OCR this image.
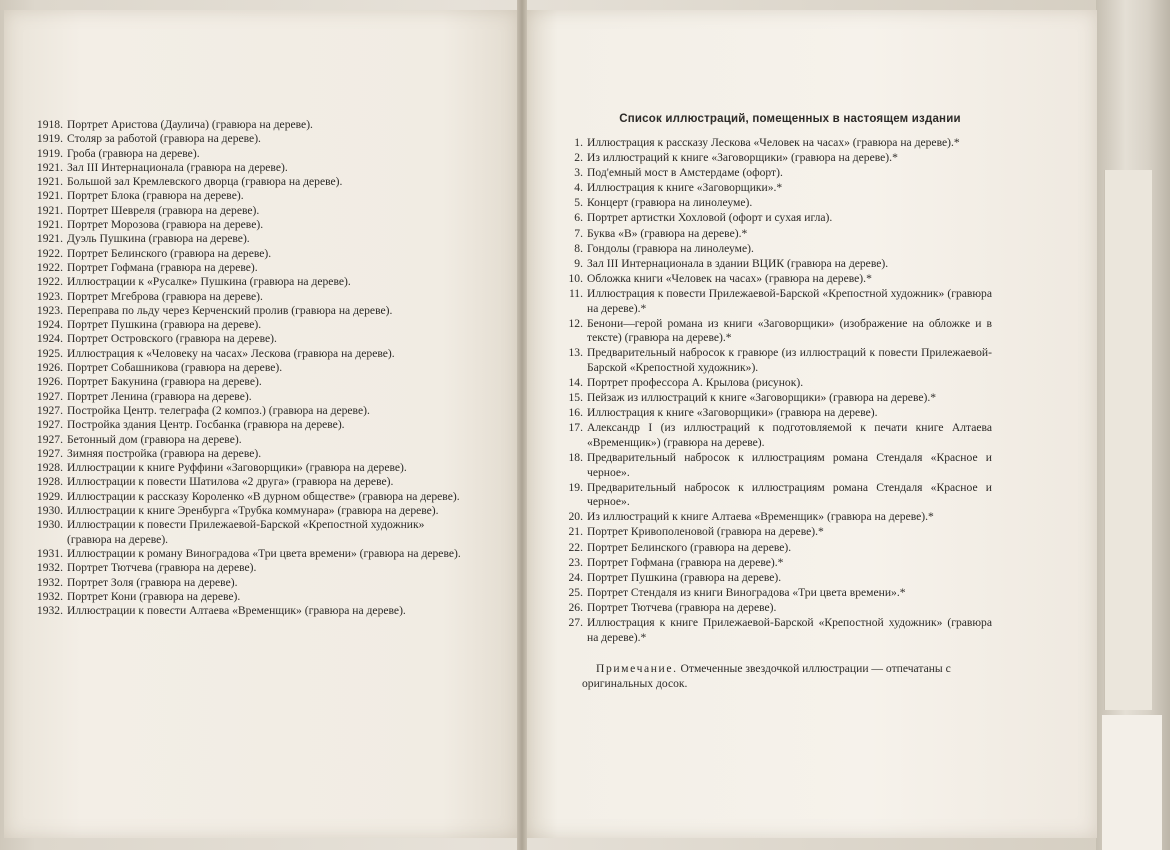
1918. Портрет Аристова (Даулича) (гравюра на дереве).
1919. Столяр за работой (гравюра на дереве).
1919. Гроба (гравюра на дереве).
1921. Зал III Интернационала (гравюра на дереве).
1921. Большой зал Кремлевского дворца (гравюра на дереве).
1921. Портрет Блока (гравюра на дереве).
1921. Портрет Шевреля (гравюра на дереве).
1921. Портрет Морозова (гравюра на дереве).
1921. Дуэль Пушкина (гравюра на дереве).
1922. Портрет Белинского (гравюра на дереве).
1922. Портрет Гофмана (гравюра на дереве).
1922. Иллюстрации к «Русалке» Пушкина (гравюра на дереве).
1923. Портрет Мгеброва (гравюра на дереве).
1923. Переправа по льду через Керченский пролив (гравюра на дереве).
1924. Портрет Пушкина (гравюра на дереве).
1924. Портрет Островского (гравюра на дереве).
1925. Иллюстрация к «Человеку на часах» Лескова (гравюра на дереве).
1926. Портрет Собашникова (гравюра на дереве).
1926. Портрет Бакунина (гравюра на дереве).
1927. Портрет Ленина (гравюра на дереве).
1927. Постройка Центр. телеграфа (2 композ.) (гравюра на дереве).
1927. Постройка здания Центр. Госбанка (гравюра на дереве).
1927. Бетонный дом (гравюра на дереве).
1927. Зимняя постройка (гравюра на дереве).
1928. Иллюстрации к книге Руффини «Заговорщики» (гравюра на дереве).
1928. Иллюстрации к повести Шатилова «2 друга» (гравюра на дереве).
1929. Иллюстрации к рассказу Короленко «В дурном обществе» (гравюра на дереве).
1930. Иллюстрации к книге Эренбурга «Трубка коммунара» (гравюра на дереве).
1930. Иллюстрации к повести Прилежаевой-Барской «Крепостной художник» (гравюра на дереве).
1931. Иллюстрации к роману Виноградова «Три цвета времени» (гравюра на дереве).
1932. Портрет Тютчева (гравюра на дереве).
1932. Портрет Золя (гравюра на дереве).
1932. Портрет Кони (гравюра на дереве).
1932. Иллюстрации к повести Алтаева «Временщик» (гравюра на дереве).
Список иллюстраций, помещенных в настоящем издании
1. Иллюстрация к рассказу Лескова «Человек на часах» (гравюра на дереве).*
2. Из иллюстраций к книге «Заговорщики» (гравюра на дереве).*
3. Под'емный мост в Амстердаме (офорт).
4. Иллюстрация к книге «Заговорщики».*
5. Концерт (гравюра на линолеуме).
6. Портрет артистки Хохловой (офорт и сухая игла).
7. Буква «В» (гравюра на дереве).*
8. Гондолы (гравюра на линолеуме).
9. Зал III Интернационала в здании ВЦИК (гравюра на дереве).
10. Обложка книги «Человек на часах» (гравюра на дереве).*
11. Иллюстрация к повести Прилежаевой-Барской «Крепостной художник» (гравюра на дереве).*
12. Бенони—герой романа из книги «Заговорщики» (изображение на обложке и в тексте) (гравюра на дереве).*
13. Предварительный набросок к гравюре (из иллюстраций к повести Прилежаевой-Барской «Крепостной художник»).
14. Портрет профессора А. Крылова (рисунок).
15. Пейзаж из иллюстраций к книге «Заговорщики» (гравюра на дереве).*
16. Иллюстрация к книге «Заговорщики» (гравюра на дереве).
17. Александр I (из иллюстраций к подготовляемой к печати книге Алтаева «Временщик») (гравюра на дереве).
18. Предварительный набросок к иллюстрациям романа Стендаля «Красное и черное».
19. Предварительный набросок к иллюстрациям романа Стендаля «Красное и черное».
20. Из иллюстраций к книге Алтаева «Временщик» (гравюра на дереве).*
21. Портрет Кривополеновой (гравюра на дереве).*
22. Портрет Белинского (гравюра на дереве).
23. Портрет Гофмана (гравюра на дереве).*
24. Портрет Пушкина (гравюра на дереве).
25. Портрет Стендаля из книги Виноградова «Три цвета времени».*
26. Портрет Тютчева (гравюра на дереве).
27. Иллюстрация к книге Прилежаевой-Барской «Крепостной художник» (гравюра на дереве).*
Примечание. Отмеченные звездочкой иллюстрации — отпечатаны с оригинальных досок.
